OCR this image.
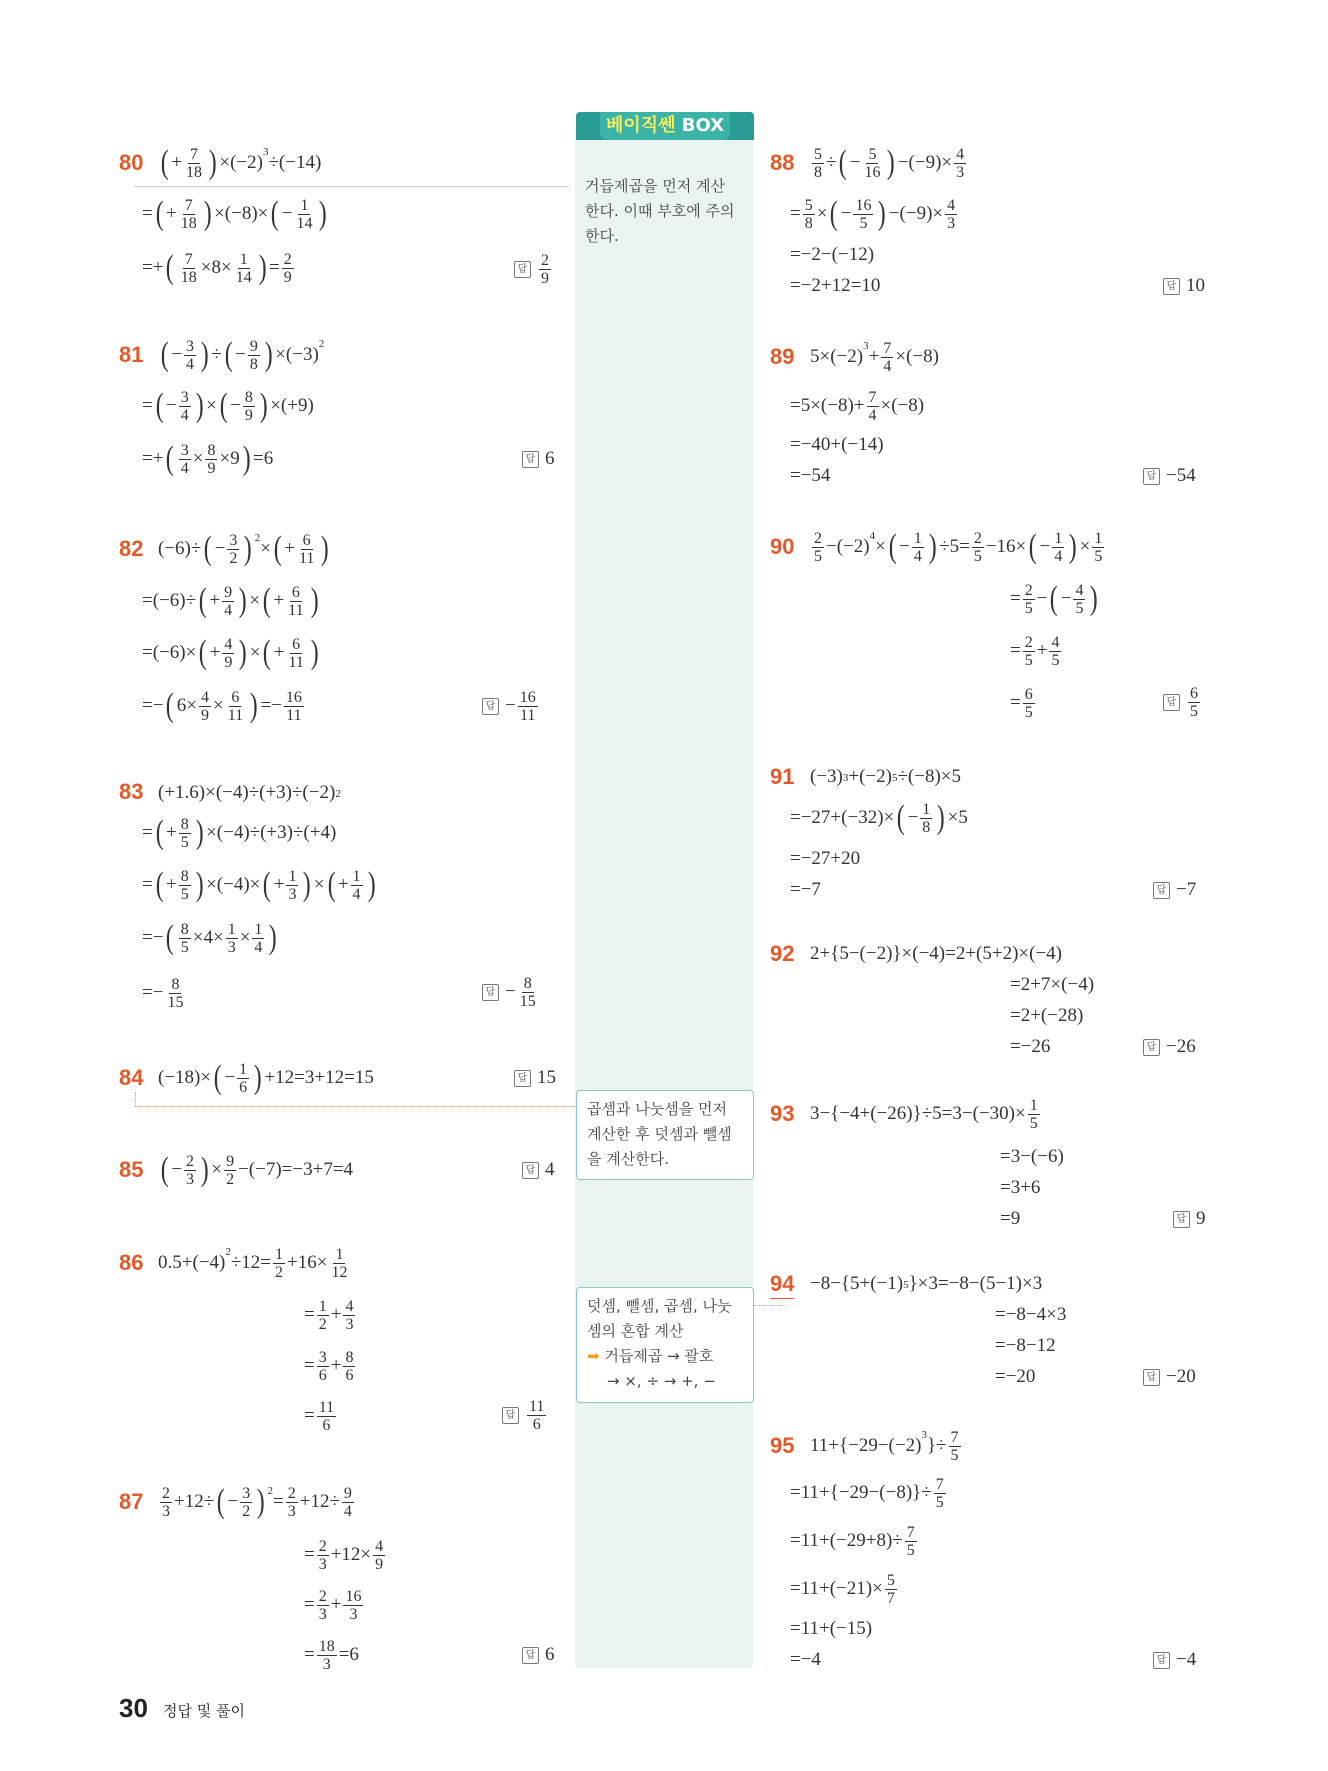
베이직쎈 BOX
거듭제곱을 먼저 계산
한다. 이때 부호에 주의
한다.
곱셈과 나눗셈을 먼저
계산한 후 덧셈과 뺄셈
을 계산한다.
덧셈, 뺄셈, 곱셈, 나눗
셈의 혼합 계산
➡ 거듭제곱 → 괄호
→ ×, ÷ → +, −
80 ( + $\frac{7}{18}$ ) ×(−2) 3 ÷(−14)
= ( + $\frac{7}{18}$ ) ×(−8)× ( − $\frac{1}{14}$ )
=+ ( $\frac{7}{18} \times 8\times \frac{1}{14}$ ) = $\frac{2}{9}$	답 $\frac{2}{9}$
81 ( − $\frac{3}{4}$ ) ÷ ( − $\frac{9}{8}$ ) ×(−3) 2
= ( − $\frac{3}{4}$ ) × ( − $\frac{8}{9}$ ) ×(+9)
=+ ( $\frac{3}{4} \times \frac{8}{9} \times 9$ ) =6	답 6
82 (−6)÷ ( − $\frac{3}{2}$ ) 2 × ( + $\frac{6}{11}$ )
=(−6)÷ ( + $\frac{9}{4}$ ) × ( + $\frac{6}{11}$ )
=(−6)× ( + $\frac{4}{9}$ ) × ( + $\frac{6}{11}$ )
=− ( $6\times \frac{4}{9} \times \frac{6}{11}$ ) =− $\frac{16}{11}$	답 − $\frac{16}{11}$
83 (+1.6)×(−4)÷(+3)÷(−2) 2
= ( + $\frac{8}{5}$ ) ×(−4)÷(+3)÷(+4)
= ( + $\frac{8}{5}$ ) ×(−4)× ( + $\frac{1}{3}$ ) × ( + $\frac{1}{4}$ )
=− ( $\frac{8}{5} \times 4\times \frac{1}{3} \times \frac{1}{4}$ )
=− $\frac{8}{15}$	답 − $\frac{8}{15}$
84 (−18)× ( − $\frac{1}{6}$ ) +12=3+12=15	답 15
85 ( − $\frac{2}{3}$ ) × $\frac{9}{2} -(-7)=-3+7=4$	답 4
86 0.5+(−4) $2 \div 12= \frac{1}{2} +16\times \frac{1}{12}$
= $\frac{1}{2} + \frac{4}{3}$
= $\frac{3}{6} + \frac{8}{6}$
= $\frac{11}{6}$	답 $\frac{11}{6}$
$87 \frac{2}{3} +12\div$ ( − $\frac{3}{2}$ ) $2 = \frac{2}{3} +12\div \frac{9}{4}$
= $\frac{2}{3} +12\times \frac{4}{9}$
= $\frac{2}{3} + \frac{16}{3}$
= $\frac{18}{3} =6$	답 6
$88 \frac{5}{8}$ ÷ ( − $\frac{5}{16}$ ) $-(-9)\times \frac{4}{3}$
= $\frac{5}{8}$ × ( − $\frac{16}{5}$ ) $-(-9)\times \frac{4}{3}$
=−2−(−12)
=−2+12=10	답 10
89 5×(−2) $3 + \frac{7}{4} \times(-8)$
$=5\times(-8)+ \frac{7}{4} \times(-8)$
=−40+(−14)
=−54	답 −54
$90 \frac{2}{5} -(-2) 4$ × ( − $\frac{1}{4}$ ) $\div 5= \frac{2}{5} -16\times$ ( − $\frac{1}{4}$ ) × $\frac{1}{5}$
= $\frac{2}{5}$ − ( − $\frac{4}{5}$ )
= $\frac{2}{5} + \frac{4}{5}$
= $\frac{6}{5}$	답 $\frac{6}{5}$
91 (−3) 3 +(−2) 5 ÷(−8)×5
=−27+(−32)× ( − $\frac{1}{8}$ ) ×5
=−27+20
=−7	답 −7
92 2+{5−(−2)}×(−4)=2+(5+2)×(−4)
=2+7×(−4)
=2+(−28)
=−26	답 −26
93 $3-\{-4+(-26)\}\div 5=3-(-30)\times \frac{1}{5}$
=3−(−6)
=3+6
=9	답 9
94 −8−{5+(−1) 5 }×3=−8−(5−1)×3
=−8−4×3
=−8−12
=−20	답 −20
95 11+{−29−(−2) 3 }÷ $\frac{7}{5}$
$=11+\{-29-(-8)\}\div \frac{7}{5}$
$=11+(-29+8)\div \frac{7}{5}$
$=11+(-21)\times \frac{5}{7}$
=11+(−15)
=−4	답 −4
30 정답 및 풀이
